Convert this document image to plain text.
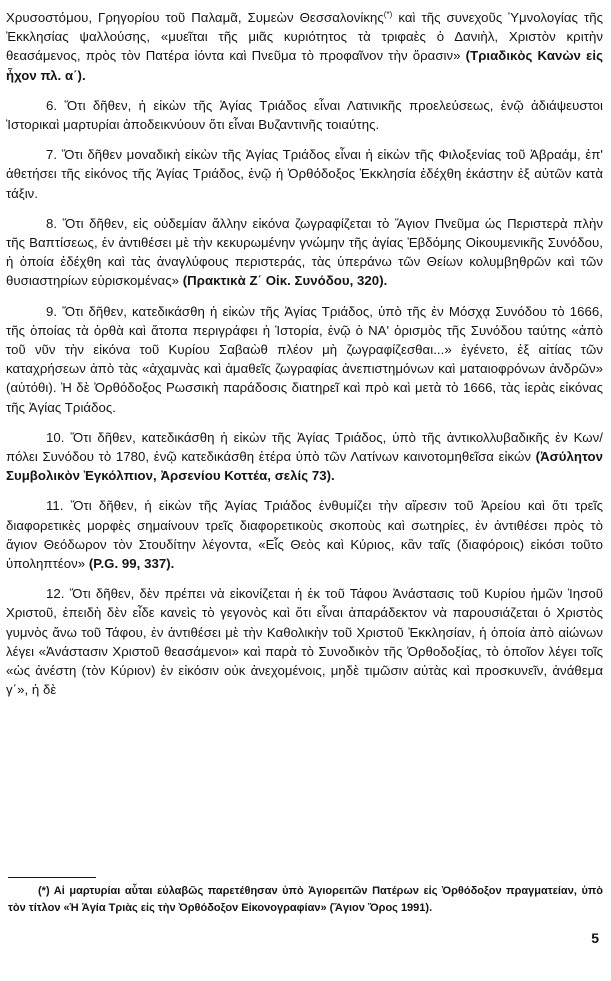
Χρυσοστόμου, Γρηγορίου τοῦ Παλαμᾶ, Συμεὼν Θεσσαλονίκης(*) καὶ τῆς συνεχοῦς Ὑμνολογίας τῆς Ἐκκλησίας ψαλλούσης, «μυεῖται τῆς μιᾶς κυριότητος τὰ τριφαὲς ὁ Δανιὴλ, Χριστὸν κριτὴν θεασάμενος, πρὸς τὸν Πατέρα ἰόντα καὶ Πνεῦμα τὸ προφαῖνον τὴν ὅρασιν» (Τριαδικὸς Κανὼν εἰς ἦχον πλ. α΄).

6. Ὅτι δῆθεν, ἡ εἰκὼν τῆς Ἁγίας Τριάδος εἶναι Λατινικῆς προελεύσεως, ἐνῷ ἀδιάψευστοι Ἱστορικαὶ μαρτυρίαι ἀποδεικνύουν ὅτι εἶναι Βυζαντινῆς τοιαύτης.

7. Ὅτι δῆθεν μοναδικὴ εἰκὼν τῆς Ἁγίας Τριάδος εἶναι ἡ εἰκὼν τῆς Φιλοξενίας τοῦ Ἀβραάμ, ἐπ' ἀθετήσει τῆς εἰκόνος τῆς Ἁγίας Τριάδος, ἐνῷ ἡ Ὀρθόδοξος Ἐκκλησία ἐδέχθη ἑκάστην ἐξ αὐτῶν κατὰ τάξιν.

8. Ὅτι δῆθεν, εἰς οὐδεμίαν ἄλλην εἰκόνα ζωγραφίζεται τὸ Ἅγιον Πνεῦμα ὡς Περιστερὰ πλὴν τῆς Βαπτίσεως, ἐν ἀντιθέσει μὲ τὴν κεκυρωμένην γνώμην τῆς ἁγίας Ἑβδόμης Οἰκουμενικῆς Συνόδου, ἡ ὁποία ἐδέχθη καὶ τὰς ἀναγλύφους περιστεράς, τὰς ὑπεράνω τῶν Θείων κολυμβηθρῶν καὶ τῶν θυσιαστηρίων εὑρισκομένας» (Πρακτικὰ Ζ΄ Οἰκ. Συνόδου, 320).

9. Ὅτι δῆθεν, κατεδικάσθη ἡ εἰκὼν τῆς Ἁγίας Τριάδος, ὑπὸ τῆς ἐν Μόσχᾳ Συνόδου τὸ 1666, τῆς ὁποίας τὰ ὀρθὰ καὶ ἄτοπα περιγράφει ἡ Ἱστορία, ἐνῷ ὁ ΝΑ' ὁρισμὸς τῆς Συνόδου ταύτης «ἀπὸ τοῦ νῦν τὴν εἰκόνα τοῦ Κυρίου Σαβαὼθ πλέον μὴ ζωγραφίζεσθαι...» ἐγένετο, ἐξ αἰτίας τῶν καταχρήσεων ἀπὸ τὰς «ἀχαμνὰς καὶ ἀμαθεῖς ζωγραφίας ἀνεπιστημόνων καὶ ματαιοφρόνων ἀνδρῶν» (αὐτόθι). Ἡ δὲ Ὀρθόδοξος Ρωσσικὴ παράδοσις διατηρεῖ καὶ πρὸ καὶ μετὰ τὸ 1666, τὰς ἱερὰς εἰκόνας τῆς Ἁγίας Τριάδος.

10. Ὅτι δῆθεν, κατεδικάσθη ἡ εἰκὼν τῆς Ἁγίας Τριάδος, ὑπὸ τῆς ἀντικολλυβαδικῆς ἐν Κων/πόλει Συνόδου τὸ 1780, ἐνῷ κατεδικάσθη ἑτέρα ὑπὸ τῶν Λατίνων καινοτομηθεῖσα εἰκών (Ἀσύλητον Συμβολικὸν Ἐγκόλπιον, Ἀρσενίου Κοττέα, σελίς 73).

11. Ὅτι δῆθεν, ἡ εἰκὼν τῆς Ἁγίας Τριάδος ἐνθυμίζει τὴν αἵρεσιν τοῦ Ἀρείου καὶ ὅτι τρεῖς διαφορετικὲς μορφὲς σημαίνουν τρεῖς διαφορετικοὺς σκοποὺς καὶ σωτηρίες, ἐν ἀντιθέσει πρὸς τὸ ἅγιον Θεόδωρον τὸν Στουδίτην λέγοντα, «Εἷς Θεὸς καὶ Κύριος, κἂν ταῖς (διαφόροις) εἰκόσι τοῦτο ὑποληπτέον» (P.G. 99, 337).

12. Ὅτι δῆθεν, δὲν πρέπει νὰ εἰκονίζεται ἡ ἐκ τοῦ Τάφου Ἀνάστασις τοῦ Κυρίου ἡμῶν Ἰησοῦ Χριστοῦ, ἐπειδὴ δὲν εἶδε κανεὶς τὸ γεγονὸς καὶ ὅτι εἶναι ἀπαράδεκτον νὰ παρουσιάζεται ὁ Χριστὸς γυμνὸς ἄνω τοῦ Τάφου, ἐν ἀντιθέσει μὲ τὴν Καθολικὴν τοῦ Χριστοῦ Ἐκκλησίαν, ἡ ὁποία ἀπὸ αἰώνων λέγει «Ἀνάστασιν Χριστοῦ θεασάμενοι» καὶ παρὰ τὸ Συνοδικὸν τῆς Ὀρθοδοξίας, τὸ ὁποῖον λέγει τοῖς «ὡς ἀνέστη (τὸν Κύριον) ἐν εἰκόσιν οὐκ ἀνεχομένοις, μηδὲ τιμῶσιν αὐτὰς καὶ προσκυνεῖν, ἀνάθεμα γ΄», ἡ δὲ

(*) Αἱ μαρτυρίαι αὗται εὐλαβῶς παρετέθησαν ὑπὸ Ἁγιορειτῶν Πατέρων εἰς Ὀρθόδοξον πραγματείαν, ὑπὸ τὸν τίτλον «Ἡ Ἁγία Τριὰς εἰς τὴν Ὀρθόδοξον Εἰκονογραφίαν» (Ἅγιον Ὄρος 1991).

5
